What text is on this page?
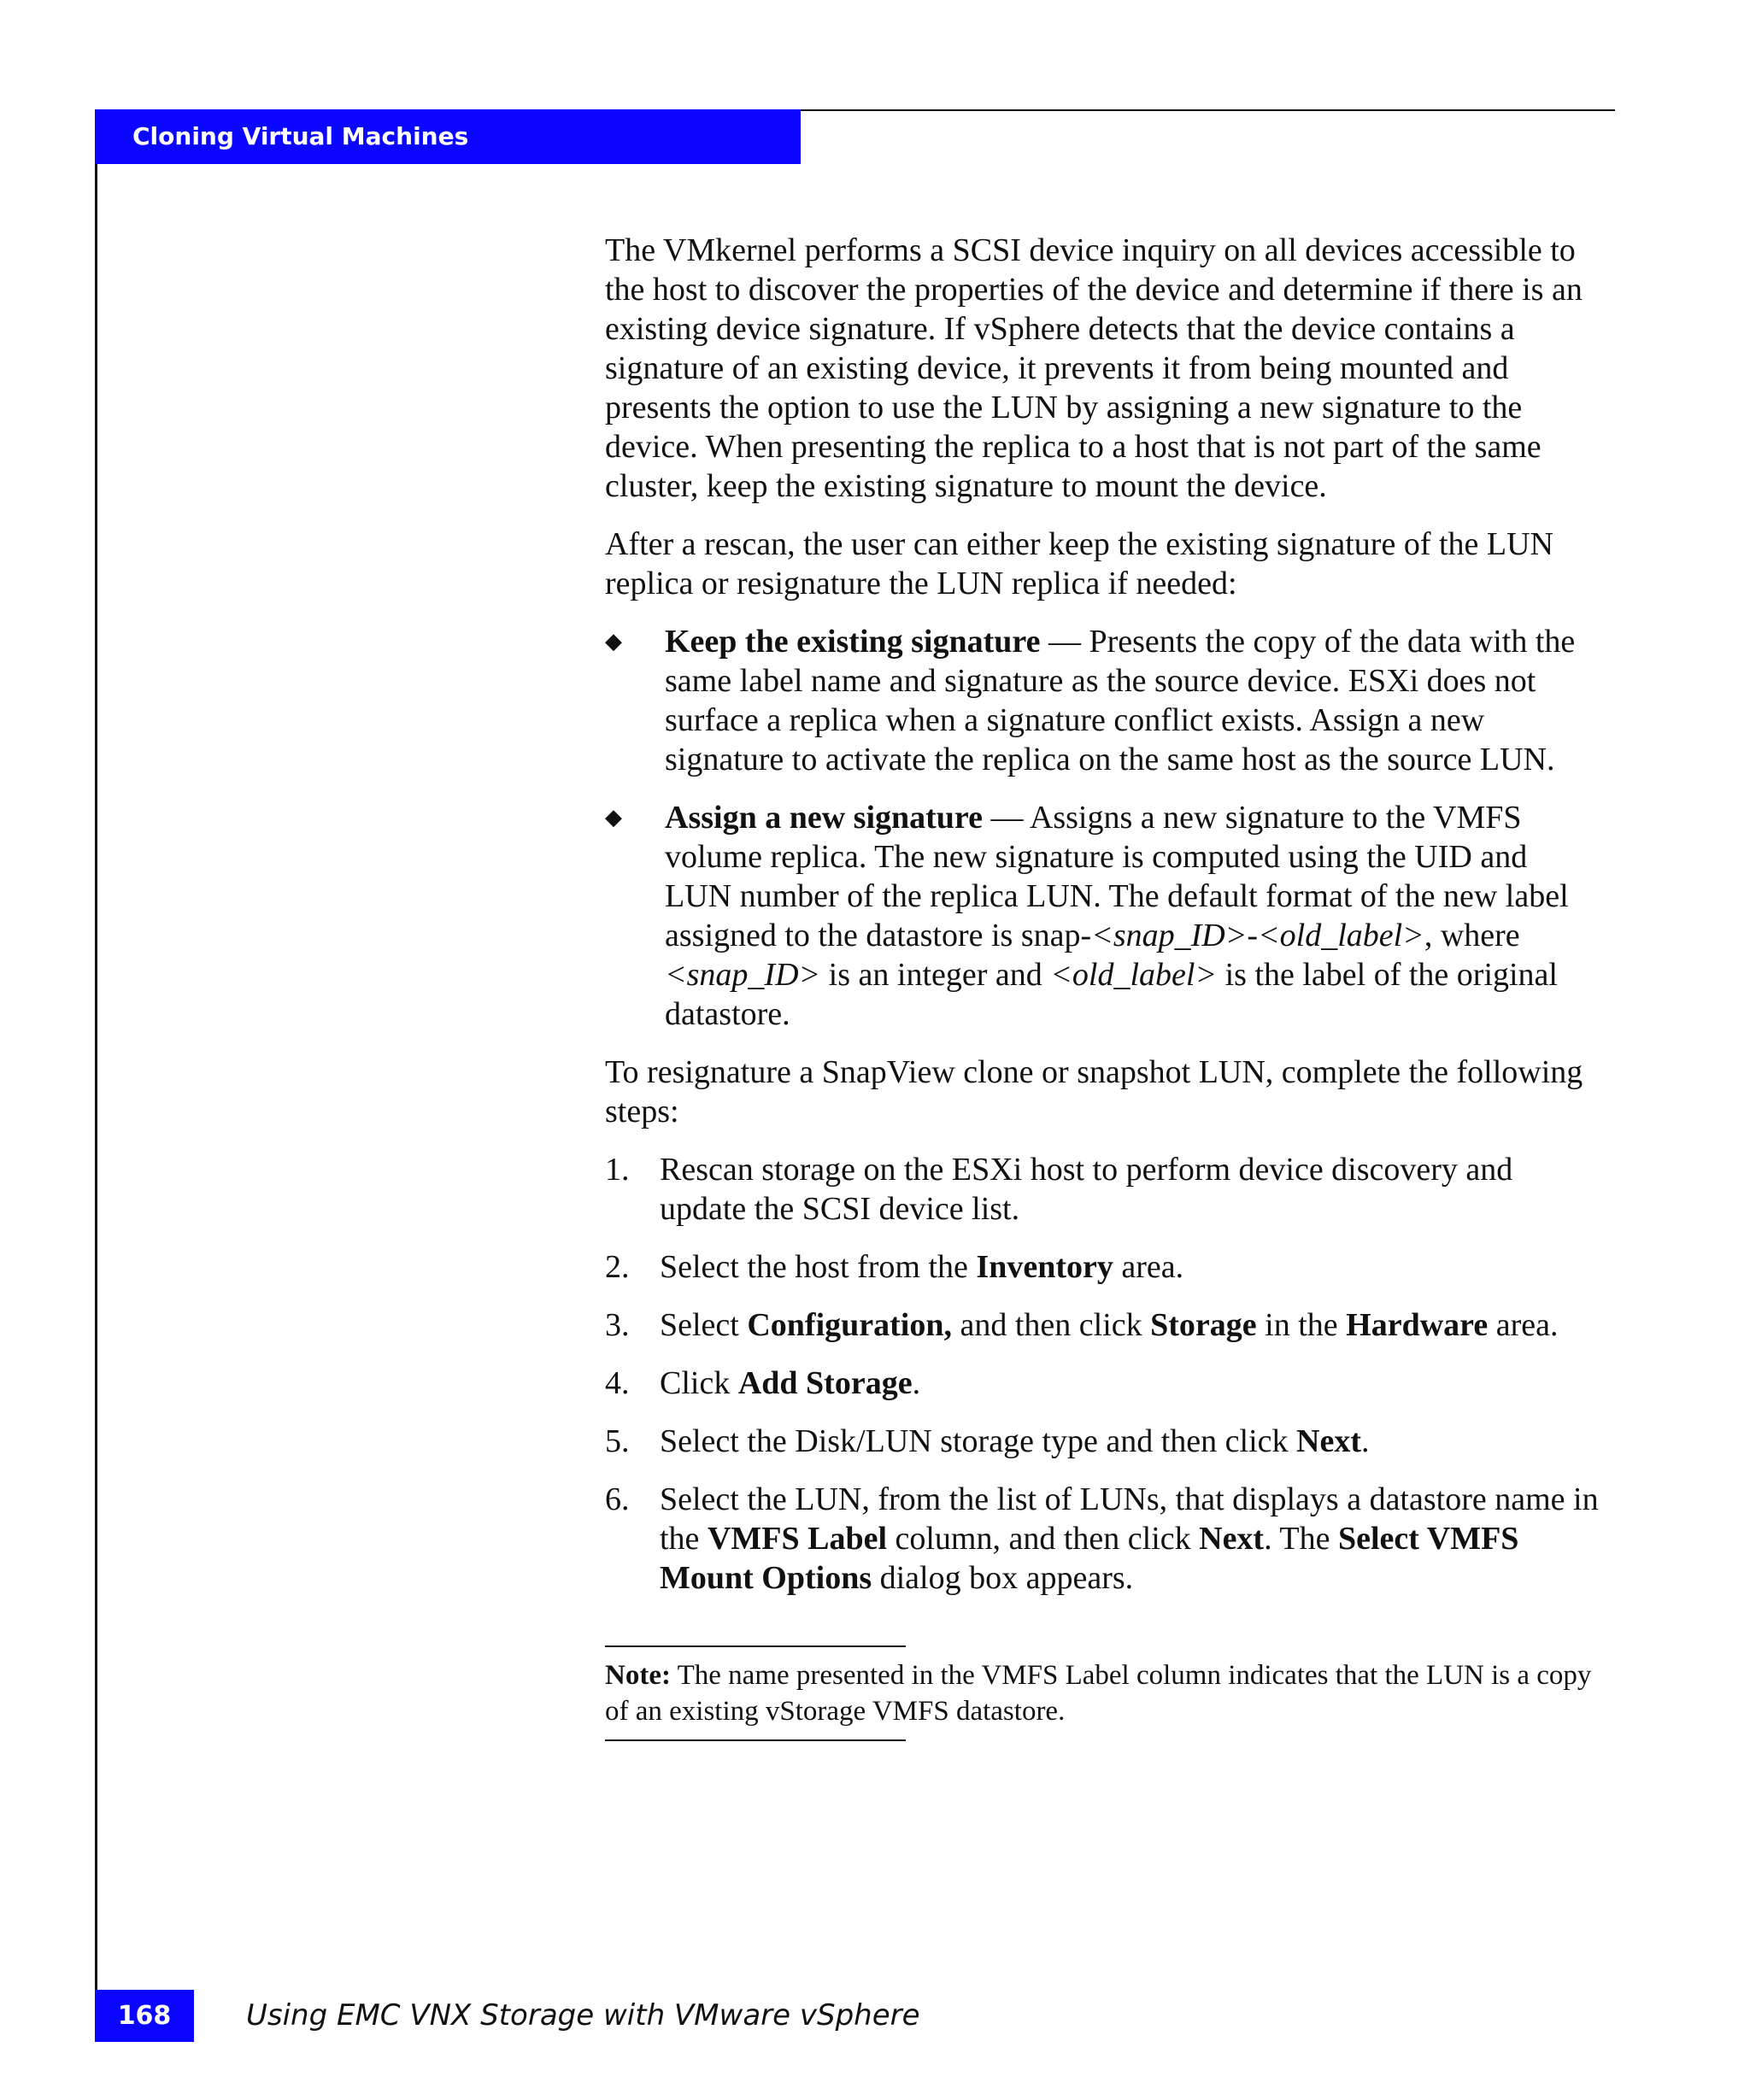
Cloning Virtual Machines

The VMkernel performs a SCSI device inquiry on all devices accessible to the host to discover the properties of the device and determine if there is an existing device signature. If vSphere detects that the device contains a signature of an existing device, it prevents it from being mounted and presents the option to use the LUN by assigning a new signature to the device. When presenting the replica to a host that is not part of the same cluster, keep the existing signature to mount the device.

After a rescan, the user can either keep the existing signature of the LUN replica or resignature the LUN replica if needed:

◆ Keep the existing signature — Presents the copy of the data with the same label name and signature as the source device. ESXi does not surface a replica when a signature conflict exists. Assign a new signature to activate the replica on the same host as the source LUN.
◆ Assign a new signature — Assigns a new signature to the VMFS volume replica. The new signature is computed using the UID and LUN number of the replica LUN. The default format of the new label assigned to the datastore is snap-<snap_ID>-<old_label>, where <snap_ID> is an integer and <old_label> is the label of the original datastore.

To resignature a SnapView clone or snapshot LUN, complete the following steps:

1. Rescan storage on the ESXi host to perform device discovery and update the SCSI device list.
2. Select the host from the Inventory area.
3. Select Configuration, and then click Storage in the Hardware area.
4. Click Add Storage.
5. Select the Disk/LUN storage type and then click Next.
6. Select the LUN, from the list of LUNs, that displays a datastore name in the VMFS Label column, and then click Next. The Select VMFS Mount Options dialog box appears.
Note: The name presented in the VMFS Label column indicates that the LUN is a copy of an existing vStorage VMFS datastore.
168	Using EMC VNX Storage with VMware vSphere
